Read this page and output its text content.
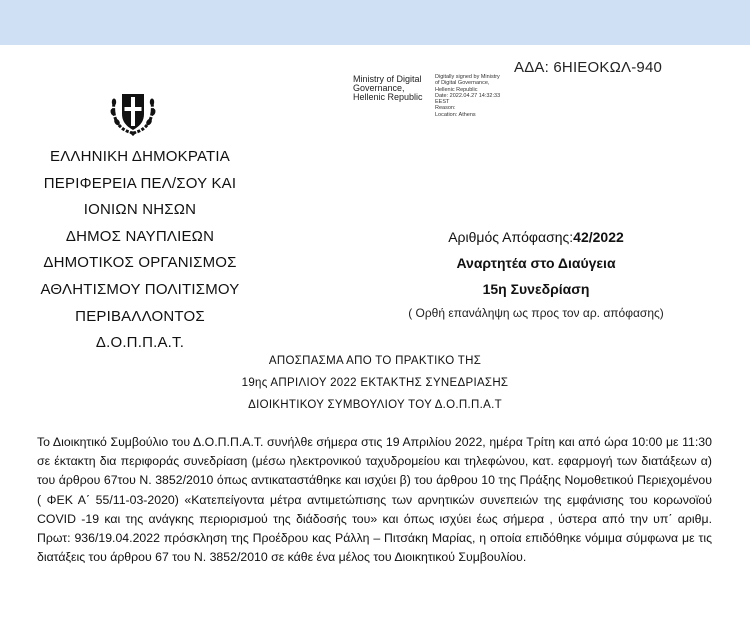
ΑΔΑ: 6ΗΙΕΟΚΩΛ-940
Ministry of Digital
Governance,
Hellenic Republic
Digitally signed by Ministry
of Digital Governance,
Hellenic Republic
Date: 2022.04.27 14:32:33
EEST
Reason:
Location: Athens
ΕΛΛΗΝΙΚΗ ΔΗΜΟΚΡΑΤΙΑ
ΠΕΡΙΦΕΡΕΙΑ ΠΕΛ/ΣΟΥ ΚΑΙ
ΙΟΝΙΩΝ ΝΗΣΩΝ
ΔΗΜΟΣ ΝΑΥΠΛΙΕΩΝ
ΔΗΜΟΤΙΚΟΣ ΟΡΓΑΝΙΣΜΟΣ
ΑΘΛΗΤΙΣΜΟΥ ΠΟΛΙΤΙΣΜΟΥ
ΠΕΡΙΒΑΛΛΟΝΤΟΣ
Δ.Ο.Π.Π.Α.Τ.
Αριθμός Απόφασης:42/2022
Αναρτητέα στο Διαύγεια
15η Συνεδρίαση
( Ορθή επανάληψη ως προς τον αρ. απόφασης)
ΑΠΟΣΠΑΣΜΑ ΑΠΟ ΤΟ ΠΡΑΚΤΙΚΟ ΤΗΣ
19ης ΑΠΡΙΛΙΟΥ 2022 ΕΚΤΑΚΤΗΣ ΣΥΝΕΔΡΙΑΣΗΣ
ΔΙΟΙΚΗΤΙΚΟΥ ΣΥΜΒΟΥΛΙΟΥ ΤΟΥ Δ.Ο.Π.Π.Α.Τ
Το Διοικητικό Συμβούλιο του Δ.Ο.Π.Π.Α.Τ. συνήλθε σήμερα στις 19 Απριλίου 2022, ημέρα Τρίτη και από ώρα 10:00 με 11:30 σε έκτακτη δια περιφοράς συνεδρίαση (μέσω ηλεκτρονικού ταχυδρομείου και τηλεφώνου, κατ. εφαρμογή των διατάξεων α) του άρθρου 67του Ν. 3852/2010 όπως αντικαταστάθηκε και ισχύει β) του άρθρου 10 της Πράξης Νομοθετικού Περιεχομένου ( ΦΕΚ Α΄ 55/11-03-2020) «Κατεπείγοντα μέτρα αντιμετώπισης των αρνητικών συνεπειών της εμφάνισης του κορωνοϊού COVID -19 και της ανάγκης περιορισμού της διάδοσής του» και όπως ισχύει έως σήμερα , ύστερα από την υπ΄ αριθμ. Πρωτ: 936/19.04.2022 πρόσκληση της Προέδρου κας Ράλλη – Πιτσάκη Μαρίας, η οποία επιδόθηκε νόμιμα σύμφωνα με τις διατάξεις του άρθρου 67 του Ν. 3852/2010 σε κάθε ένα μέλος του Διοικητικού Συμβουλίου.
